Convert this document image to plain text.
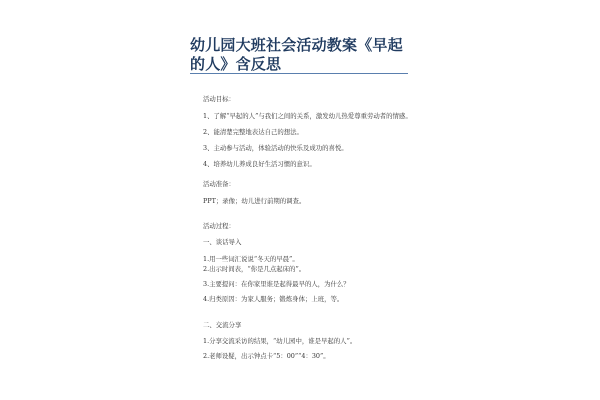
幼儿园大班社会活动教案《早起的人》含反思
活动目标：
1、了解“早起的人”与我们之间的关系，激发幼儿热爱尊重劳动者的情感。
2、能清楚完整地表达自己的想法。
3、主动参与活动，体验活动的快乐及成功的喜悦。
4、培养幼儿养成良好生活习惯的意识。
活动准备：
PPT；录像；幼儿进行前期的调查。
活动过程：
一、谈话导入
1.用一些词汇说说“冬天的早晨”。
2.出示时间表，“你是几点起床的”。
3.主要提问：在你家里谁是起得最早的人，为什么？
4.归类原因：为家人服务；锻炼身体；上班，等。
二、交流分享
1.分享交流采访的结果，“幼儿园中，谁是早起的人”。
2.老师设疑，出示钟点卡“5：00”“4：30”。
